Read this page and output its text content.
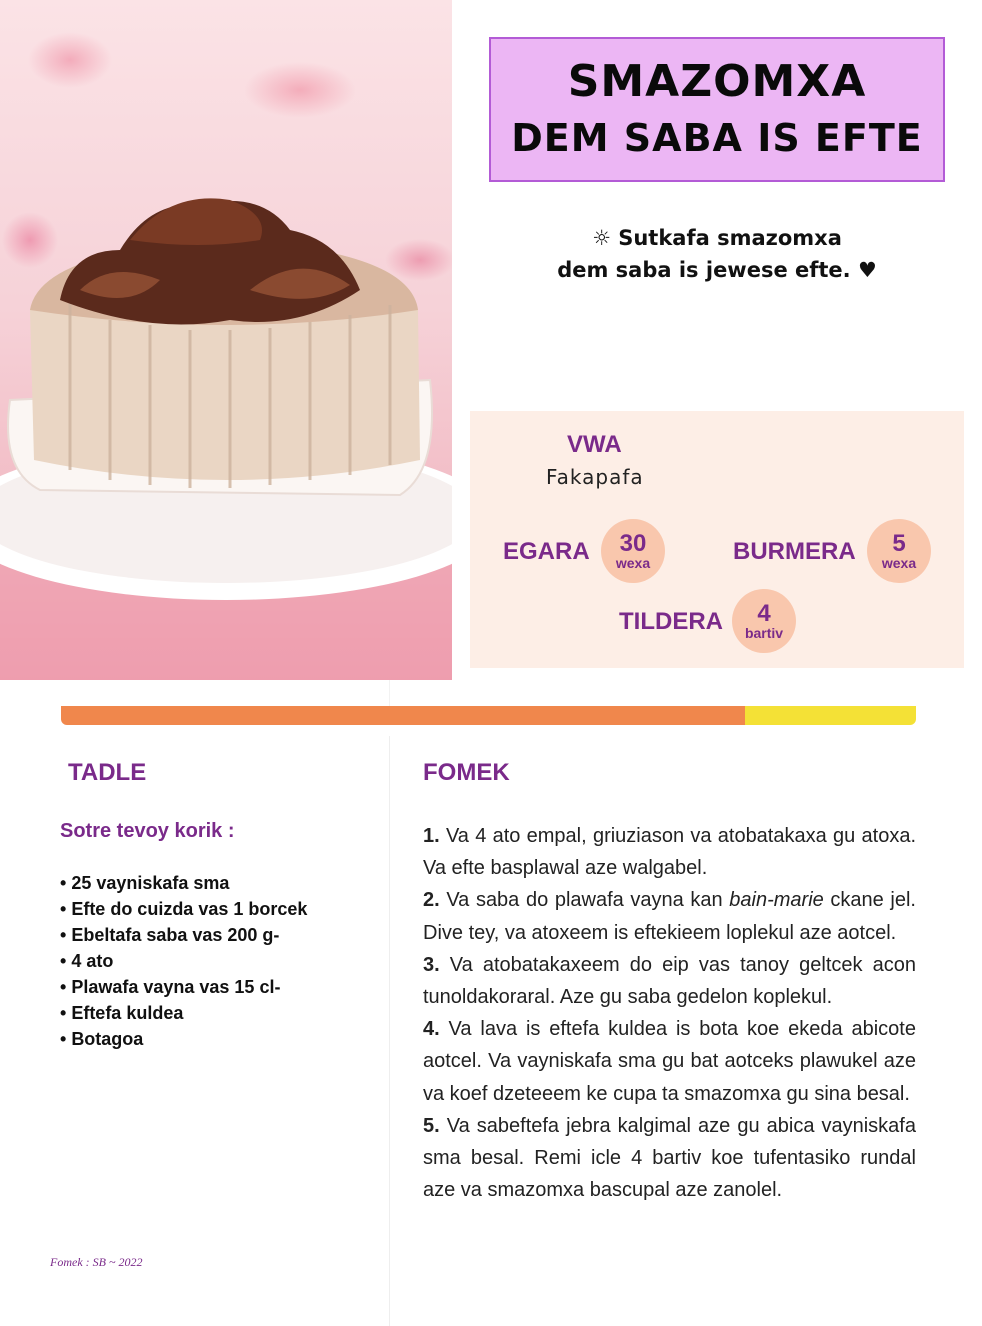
SMAZOMXA
DEM SABA IS EFTE
☼ Sutkafa smazomxa
dem saba is jewese efte. ♥
VWA
Fakapafa
EGARA 30
wexa	BURMERA 5
wexa
TILDERA 4
bartiv
TADLE
Sotre tevoy korik :
• 25 vayniskafa sma
• Efte do cuizda vas 1 borcek
• Ebeltafa saba vas 200 g-
• 4 ato
• Plawafa vayna vas 15 cl-
• Eftefa kuldea
• Botagoa
FOMEK

1. Va 4 ato empal, griuziason va atobatakaxa gu atoxa. Va efte basplawal aze walgabel.

2. Va saba do plawafa vayna kan bain-marie ckane jel. Dive tey, va atoxeem is eftekieem loplekul aze aotcel.

3. Va atobatakaxeem do eip vas tanoy geltcek acon tunoldakoraral. Aze gu saba gedelon koplekul.

4. Va lava is eftefa kuldea is bota koe ekeda abicote aotcel. Va vayniskafa sma gu bat aotceks plawukel aze va koef dzeteeem ke cupa ta smazomxa gu sina besal.

5. Va sabeftefa jebra kalgimal aze gu abica vayniskafa sma besal. Remi icle 4 bartiv koe tufentasiko rundal aze va smazomxa bascupal aze zanolel.

Fomek : SB ~ 2022
